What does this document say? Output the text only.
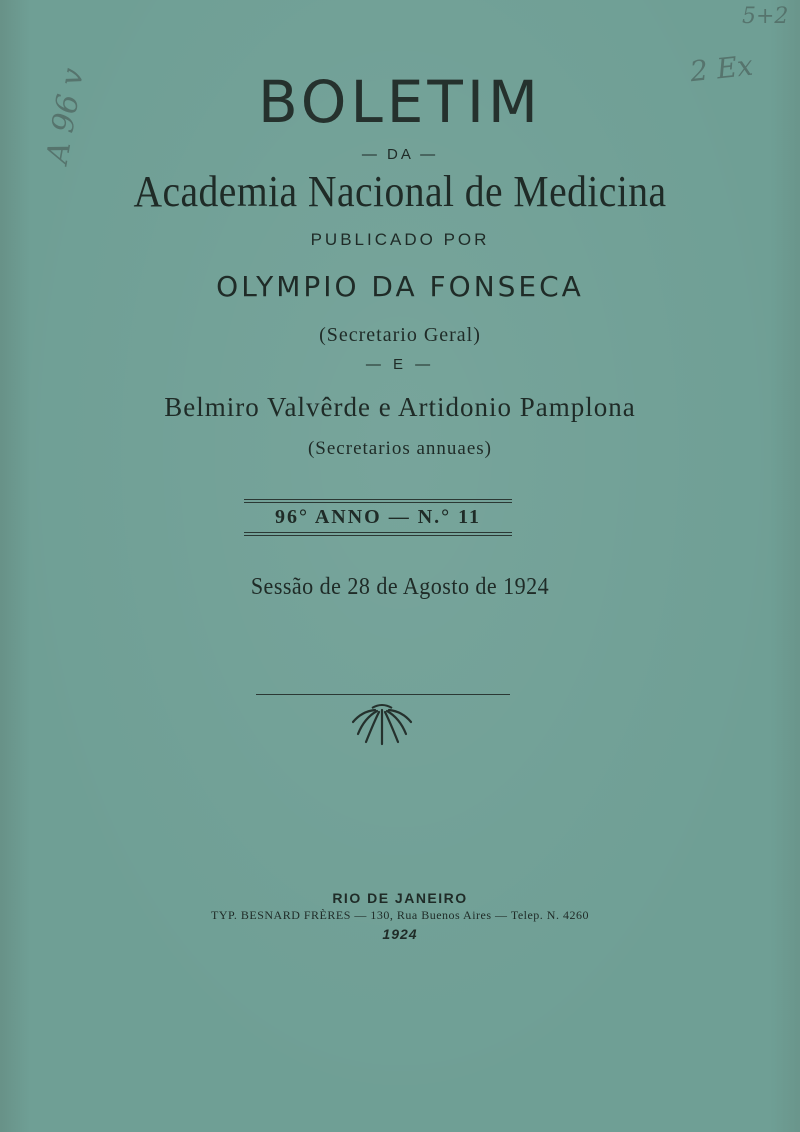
5+2
2 Ex
A 96 v	BOLETIM
— DA —
Academia Nacional de Medicina
PUBLICADO POR
OLYMPIO DA FONSECA
(Secretario Geral)
— E —
Belmiro Valvêrde e Artidonio Pamplona
(Secretarios annuaes)
96° ANNO — N.° 11
Sessão de 28 de Agosto de 1924
RIO DE JANEIRO
TYP. BESNARD FRÈRES — 130, Rua Buenos Aires — Telep. N. 4260
1924
